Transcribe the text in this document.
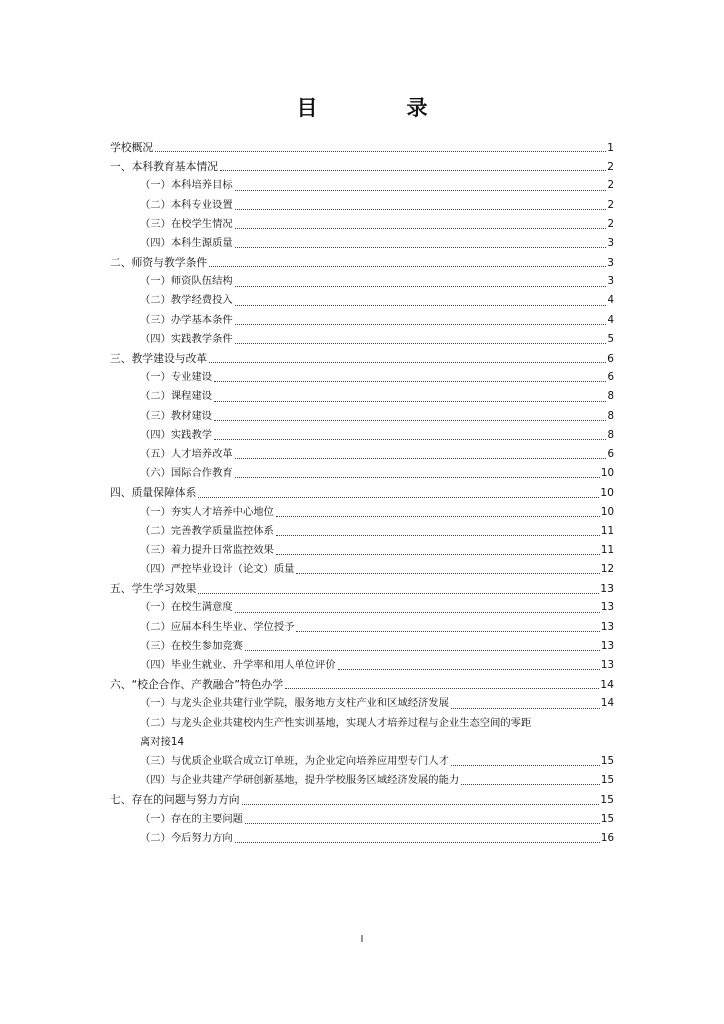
目　录
学校概况	1
一、本科教育基本情况	2
（一）本科培养目标	2
（二）本科专业设置	2
（三）在校学生情况	2
（四）本科生源质量	3
二、师资与教学条件	3
（一）师资队伍结构	3
（二）教学经费投入	4
（三）办学基本条件	4
（四）实践教学条件	5
三、教学建设与改革	6
（一）专业建设	6
（二）课程建设	8
（三）教材建设	8
（四）实践教学	8
（五）人才培养改革	6
（六）国际合作教育	10
四、质量保障体系	10
（一）夯实人才培养中心地位	10
（二）完善教学质量监控体系	11
（三）着力提升日常监控效果	11
（四）严控毕业设计（论文）质量	12
五、学生学习效果	13
（一）在校生满意度	13
（二）应届本科生毕业、学位授予	13
（三）在校生参加竞赛	13
（四）毕业生就业、升学率和用人单位评价	13
六、“校企合作、产教融合”特色办学	14
（一）与龙头企业共建行业学院，服务地方支柱产业和区域经济发展	14
（二）与龙头企业共建校内生产性实训基地，实现人才培养过程与企业生态空间的零距
离对接 14
（三）与优质企业联合成立订单班，为企业定向培养应用型专门人才	15
（四）与企业共建产学研创新基地，提升学校服务区域经济发展的能力	15
七、存在的问题与努力方向	15
（一）存在的主要问题	15
（二）今后努力方向	16
I
